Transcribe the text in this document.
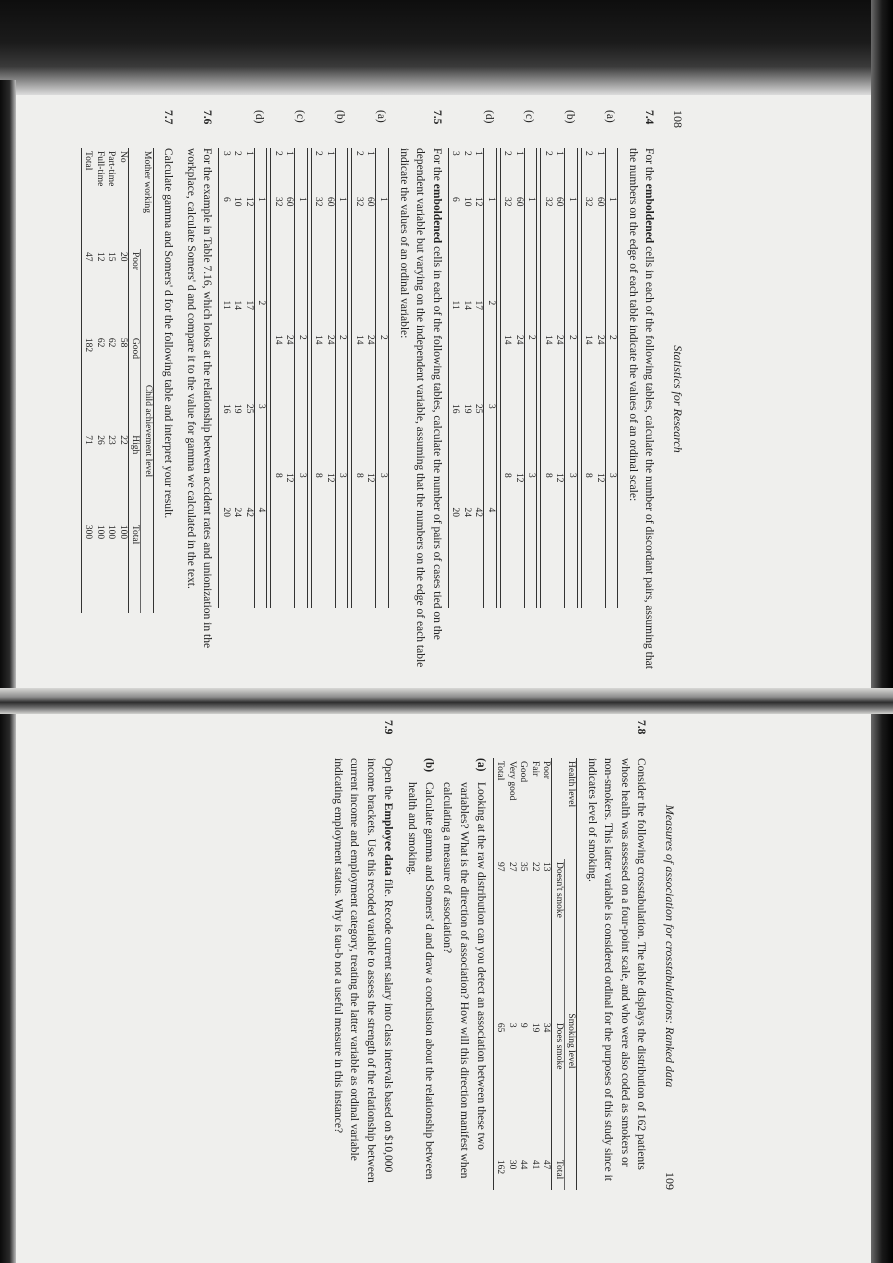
108
Statistics for Research
7.4
For the emboldened cells in each of the following tables, calculate the number of discordant pairs, assuming that the numbers on the edge of each table indicate the values of an ordinal scale:
(a)
	1	2	3
1	60	24	12
2	32	14	8
(b)
	1	2	3
1	60	24	12
2	32	14	8
(c)
	1	2	3
1	60	24	12
2	32	14	8
(d)
	1	2	3	4
1	12	17	25	42
2	10	14	19	24
3	6	11	16	20
7.5
For the emboldened cells in each of the following tables, calculate the number of pairs of cases tied on the dependent variable but varying on the independent variable, assuming that the numbers on the edge of each table indicate the values of an ordinal variable:
(a)
	1	2	3
1	60	24	12
2	32	14	8
(b)
	1	2	3
1	60	24	12
2	32	14	8
(c)
	1	2	3
1	60	24	12
2	32	14	8
(d)
	1	2	3	4
1	12	17	25	42
2	10	14	19	24
3	6	11	16	20
7.6
For the example in Table 7.16, which looks at the relationship between accident rates and unionization in the workplace, calculate Somers' d and compare it to the value for gamma we calculated in the text.
7.7
Calculate gamma and Somers' d for the following table and interpret your result.
Mother working	Child achievement level			
	Poor	Good	High	Total
No	20	58	22	100
Part-time	15	62	23	100
Full-time	12	62	26	100
Total	47	182	71	300
Measures of association for crosstabulations: Ranked data
109
7.8
Consider the following crosstabulation. The table displays the distribution of 162 patients whose health was assessed on a four-point scale, and who were also coded as smokers or non-smokers. This latter variable is considered ordinal for the purposes of this study since it indicates level of smoking.
Health level	Smoking level		
	Doesn't smoke	Does smoke	Total
Poor	13	34	47
Fair	22	19	41
Good	35	9	44
Very good	27	3	30
Total	97	65	162
(a)
Looking at the raw distribution can you detect an association between these two variables? What is the direction of association? How will this direction manifest when calculating a measure of association?
(b)
Calculate gamma and Somers' d and draw a conclusion about the relationship between health and smoking.
7.9
Open the Employee data file. Recode current salary into class intervals based on $10,000 income brackets. Use this recoded variable to assess the strength of the relationship between current income and employment category, treating the latter variable as ordinal variable indicating employment status. Why is tau-b not a useful measure in this instance?
